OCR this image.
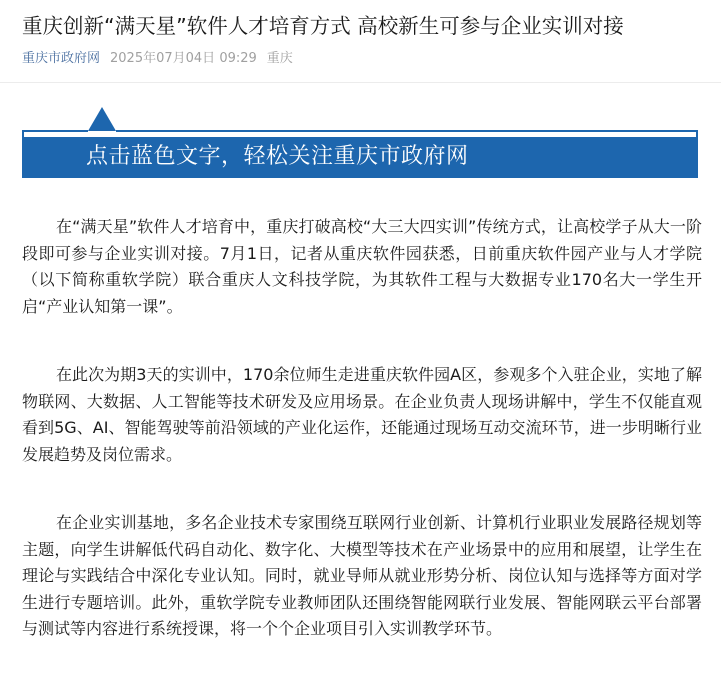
重庆创新“满天星”软件人才培育方式 高校新生可参与企业实训对接
重庆市政府网 2025年07月04日 09:29 重庆
点击蓝色文字，轻松关注重庆市政府网

在“满天星”软件人才培育中，重庆打破高校“大三大四实训”传统方式，让高校学子从大一阶段即可参与企业实训对接。7月1日，记者从重庆软件园获悉，日前重庆软件园产业与人才学院（以下简称重软学院）联合重庆人文科技学院，为其软件工程与大数据专业170名大一学生开启“产业认知第一课”。

在此次为期3天的实训中，170余位师生走进重庆软件园A区，参观多个入驻企业，实地了解物联网、大数据、人工智能等技术研发及应用场景。在企业负责人现场讲解中，学生不仅能直观看到5G、AI、智能驾驶等前沿领域的产业化运作，还能通过现场互动交流环节，进一步明晰行业发展趋势及岗位需求。

在企业实训基地，多名企业技术专家围绕互联网行业创新、计算机行业职业发展路径规划等主题，向学生讲解低代码自动化、数字化、大模型等技术在产业场景中的应用和展望，让学生在理论与实践结合中深化专业认知。同时，就业导师从就业形势分析、岗位认知与选择等方面对学生进行专题培训。此外，重软学院专业教师团队还围绕智能网联行业发展、智能网联云平台部署与测试等内容进行系统授课，将一个个企业项目引入实训教学环节。
